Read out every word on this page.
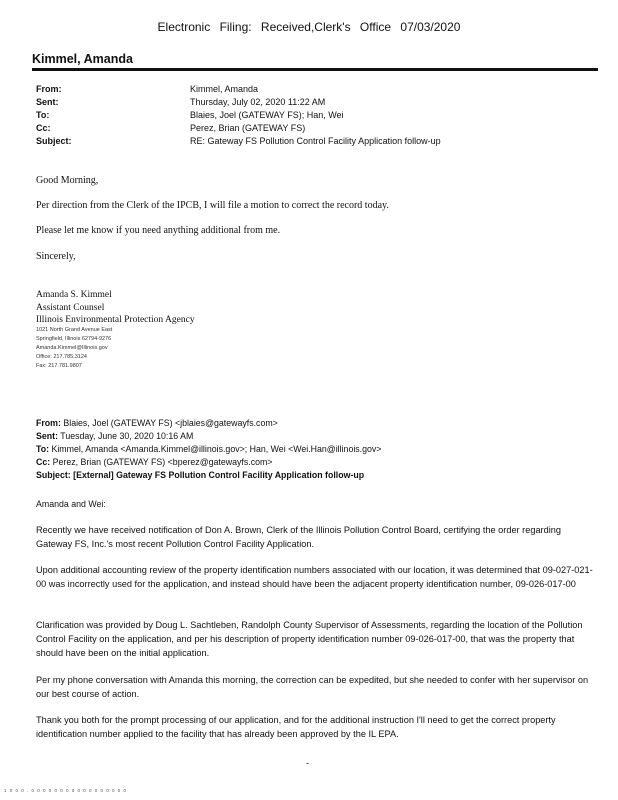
Electronic Filing: Received,Clerk's Office 07/03/2020
Kimmel, Amanda
From:	Kimmel, Amanda
Sent:	Thursday, July 02, 2020 11:22 AM
To:	Blaies, Joel (GATEWAY FS); Han, Wei
Cc:	Perez, Brian (GATEWAY FS)
Subject:	RE: Gateway FS Pollution Control Facility Application follow-up
Good Morning,
Per direction from the Clerk of the IPCB, I will file a motion to correct the record today.
Please let me know if you need anything additional from me.
Sincerely,
Amanda S. Kimmel
Assistant Counsel
Illinois Environmental Protection Agency
1021 North Grand Avenue East
Springfield, Illinois 62794-9276
Amanda.Kimmel@Illinois.gov
Office: 217.785.3124
Fax: 217.781.9807
From: Blaies, Joel (GATEWAY FS) <jblaies@gatewayfs.com>
Sent: Tuesday, June 30, 2020 10:16 AM
To: Kimmel, Amanda <Amanda.Kimmel@illinois.gov>; Han, Wei <Wei.Han@illinois.gov>
Cc: Perez, Brian (GATEWAY FS) <bperez@gatewayfs.com>
Subject: [External] Gateway FS Pollution Control Facility Application follow-up
Amanda and Wei:
Recently we have received notification of Don A. Brown, Clerk of the Illinois Pollution Control Board, certifying the order regarding Gateway FS, Inc.'s most recent Pollution Control Facility Application.
Upon additional accounting review of the property identification numbers associated with our location, it was determined that 09-027-021-00 was incorrectly used for the application, and instead should have been the adjacent property identification number, 09-026-017-00
Clarification was provided by Doug L. Sachtleben, Randolph County Supervisor of Assessments, regarding the location of the Pollution Control Facility on the application, and per his description of property identification number 09-026-017-00, that was the property that should have been on the initial application.
Per my phone conversation with Amanda this morning, the correction can be expedited, but she needed to confer with her supervisor on our best course of action.
Thank you both for the prompt processing of our application, and for the additional instruction I'll need to get the correct property identification number applied to the facility that has already been approved by the IL EPA.
-
1 0 0 0 . 0 0 0 0 0 0 0 0 0 0 0 0 0 0 0 0 0
